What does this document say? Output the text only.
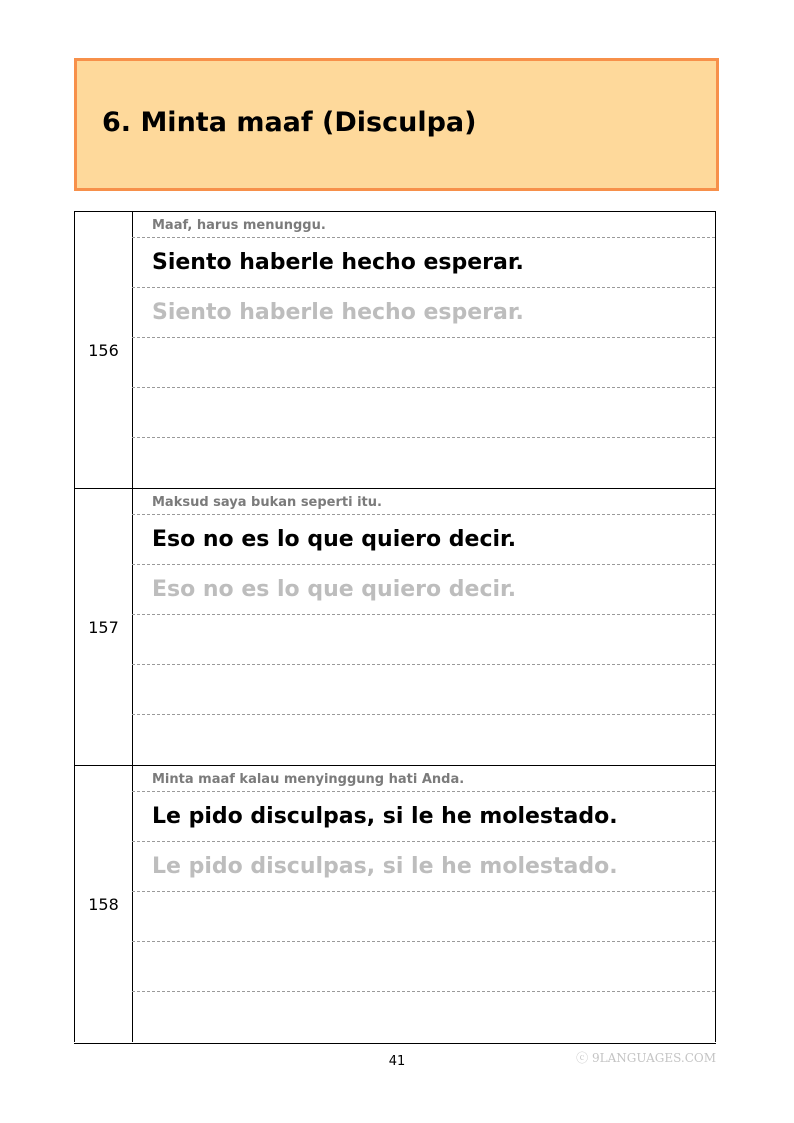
6. Minta maaf (Disculpa)
156
Maaf, harus menunggu.
Siento haberle hecho esperar.
Siento haberle hecho esperar.
157
Maksud saya bukan seperti itu.
Eso no es lo que quiero decir.
Eso no es lo que quiero decir.
158
Minta maaf kalau menyinggung hati Anda.
Le pido disculpas, si le he molestado.
Le pido disculpas, si le he molestado.
41	ⓒ 9LANGUAGES.COM
